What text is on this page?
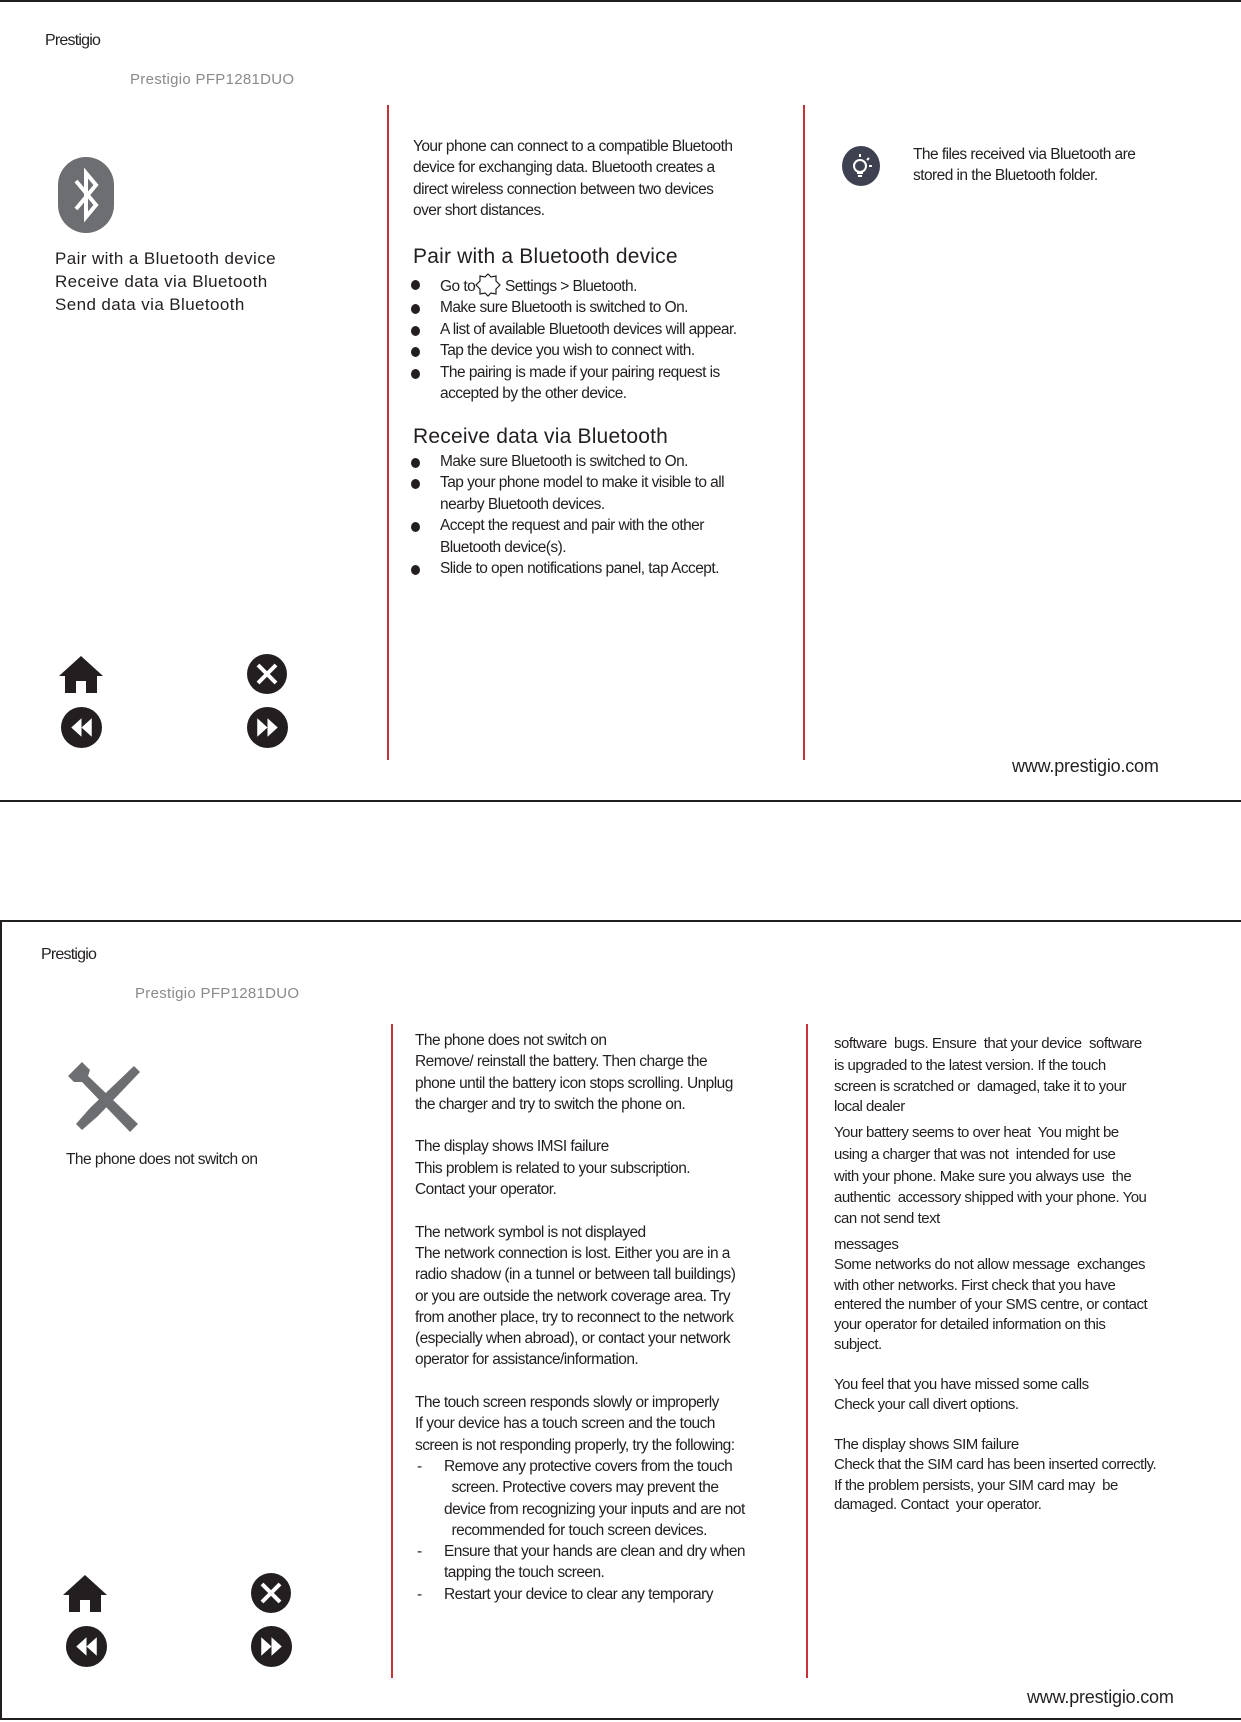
Prestigio
Prestigio PFP1281DUO
Pair with a Bluetooth device
Receive data via Bluetooth
Send data via Bluetooth
Your phone can connect to a compatible Bluetooth
device for exchanging data. Bluetooth creates a
direct wireless connection between two devices
over short distances.
Pair with a Bluetooth device
Go to Settings > Bluetooth.
Make sure Bluetooth is switched to On.
A list of available Bluetooth devices will appear.
Tap the device you wish to connect with.
The pairing is made if your pairing request is
accepted by the other device.
Receive data via Bluetooth
Make sure Bluetooth is switched to On.
Tap your phone model to make it visible to all
nearby Bluetooth devices.
Accept the request and pair with the other
Bluetooth device(s).
Slide to open notifications panel, tap Accept.
The files received via Bluetooth are
stored in the Bluetooth folder.
www.prestigio.com
Prestigio
Prestigio PFP1281DUO
The phone does not switch on
The phone does not switch on
Remove/ reinstall the battery. Then charge the
phone until the battery icon stops scrolling. Unplug
the charger and try to switch the phone on.
The display shows IMSI failure
This problem is related to your subscription.
Contact your operator.
The network symbol is not displayed
The network connection is lost. Either you are in a
radio shadow (in a tunnel or between tall buildings)
or you are outside the network coverage area. Try
from another place, try to reconnect to the network
(especially when abroad), or contact your network
operator for assistance/information.
The touch screen responds slowly or improperly
If your device has a touch screen and the touch
screen is not responding properly, try the following:
- Remove any protective covers from the touch
screen. Protective covers may prevent the
device from recognizing your inputs and are not
recommended for touch screen devices.
- Ensure that your hands are clean and dry when
tapping the touch screen.
- Restart your device to clear any temporary
software  bugs. Ensure  that your device  software
is upgraded to the latest version. If the touch
screen is scratched or  damaged, take it to your
local dealer
Your battery seems to over heat  You might be
using a charger that was not  intended for use
with your phone. Make sure you always use  the
authentic  accessory shipped with your phone. You
can not send text
messages
Some networks do not allow message  exchanges
with other networks. First check that you have
entered the number of your SMS centre, or contact
your operator for detailed information on this
subject.
You feel that you have missed some calls
Check your call divert options.
The display shows SIM failure
Check that the SIM card has been inserted correctly.
If the problem persists, your SIM card may  be
damaged. Contact  your operator.
www.prestigio.com
